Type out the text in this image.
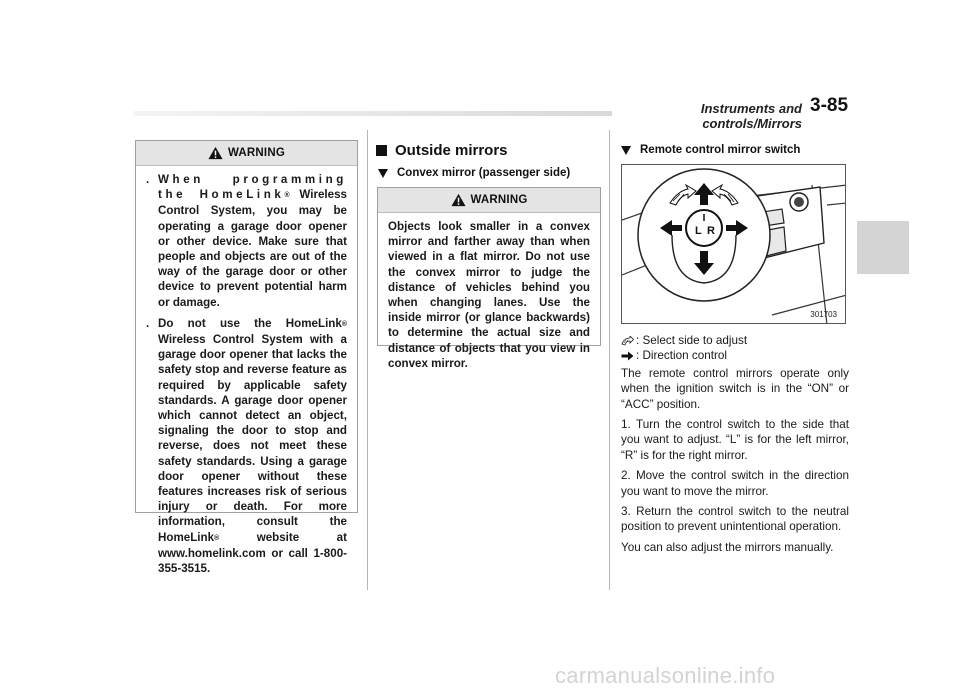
Instruments and controls/Mirrors
3-85
WARNING

. When programming the HomeLink® Wireless Control System, you may be operating a garage door opener or other device. Make sure that people and objects are out of the way of the garage door or other device to prevent potential harm or damage.

. Do not use the HomeLink® Wireless Control System with a garage door opener that lacks the safety stop and reverse feature as required by applicable safety standards. A garage door opener which cannot detect an object, signaling the door to stop and reverse, does not meet these safety standards. Using a garage door opener without these features increases risk of serious injury or death. For more information, consult the HomeLink® website at www.homelink.com or call 1-800-355-3515.

Outside mirrors
Convex mirror (passenger side)
WARNING

Objects look smaller in a convex mirror and farther away than when viewed in a flat mirror. Do not use the convex mirror to judge the distance of vehicles behind you when changing lanes. Use the inside mirror (or glance backwards) to determine the actual size and distance of objects that you view in convex mirror.

Remote control mirror switch
L R
301703
: Select side to adjust
: Direction control

The remote control mirrors operate only when the ignition switch is in the “ON” or “ACC” position.

1. Turn the control switch to the side that you want to adjust. “L” is for the left mirror, “R” is for the right mirror.

2. Move the control switch in the direction you want to move the mirror.

3. Return the control switch to the neutral position to prevent unintentional operation.

You can also adjust the mirrors manually.

carmanualsonline.info
